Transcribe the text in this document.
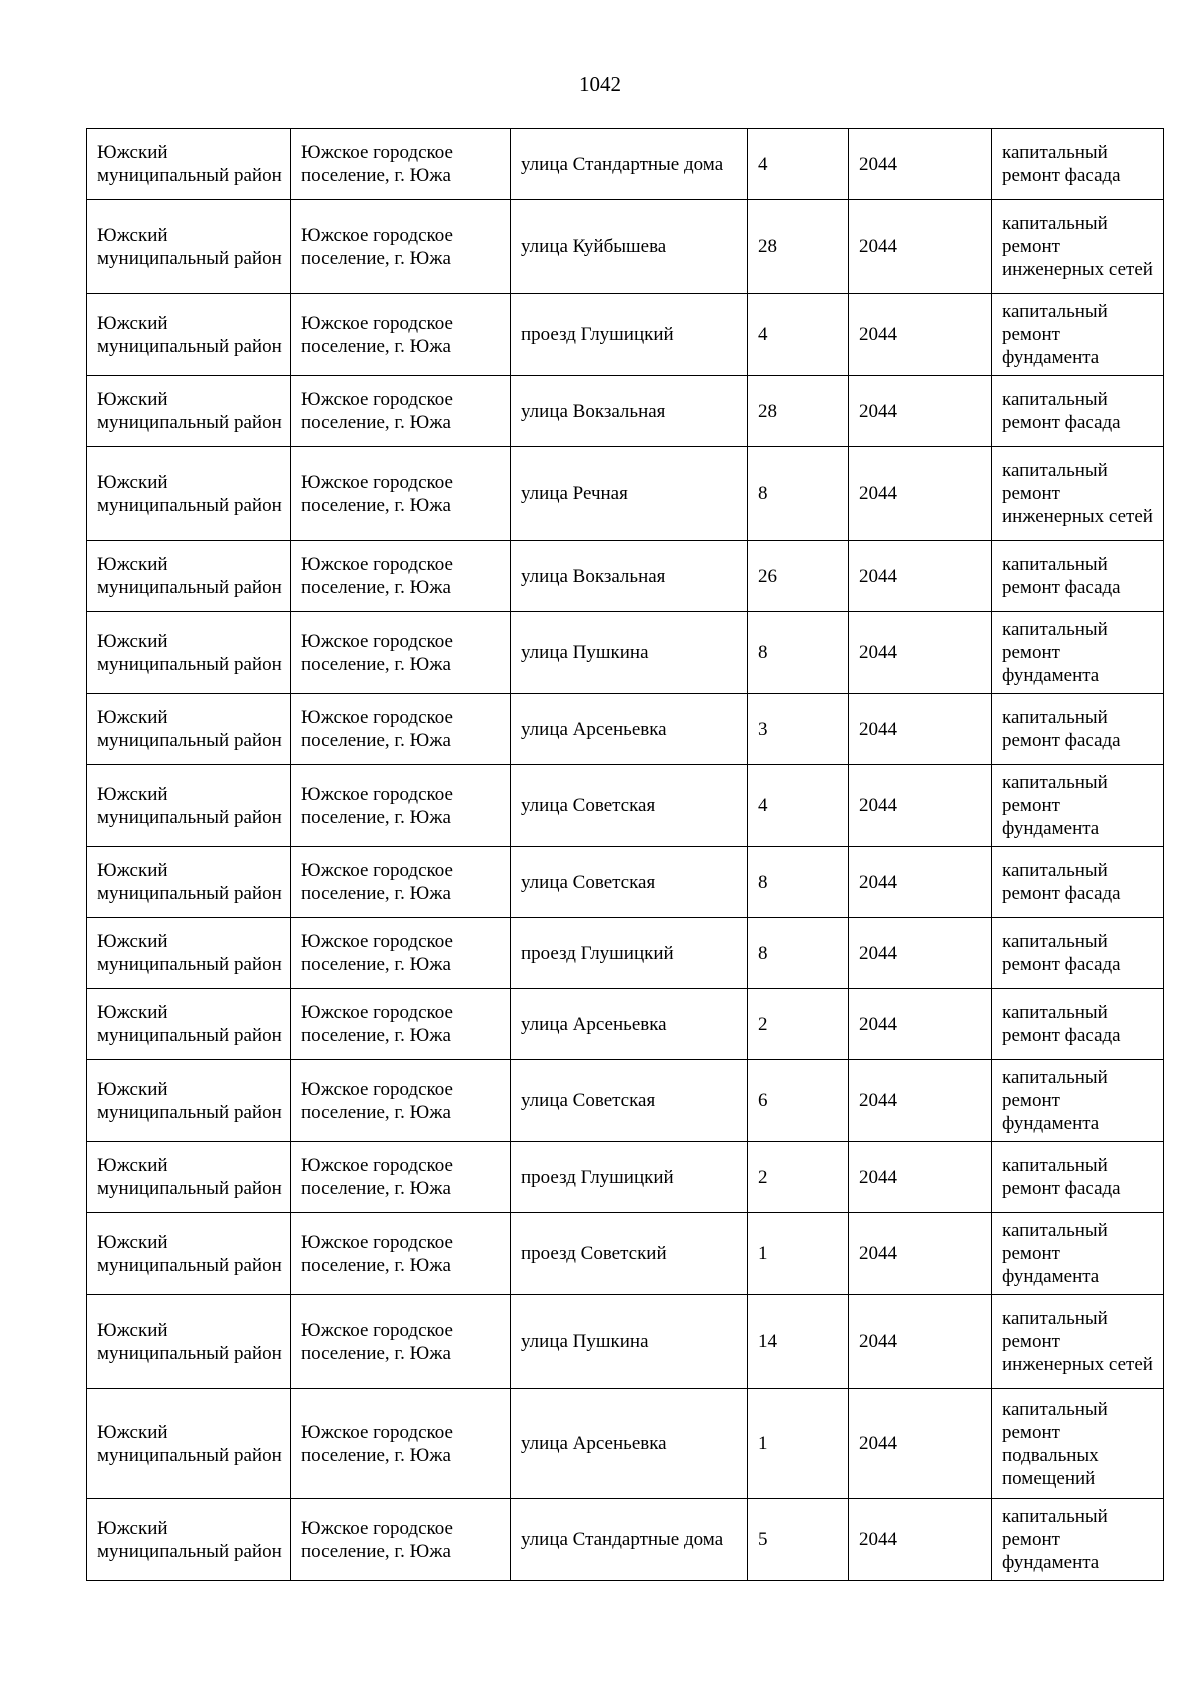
1042
Южский муниципальный район	Южское городское поселение, г. Южа	улица Стандартные дома	4	2044	капитальный ремонт фасада
Южский муниципальный район	Южское городское поселение, г. Южа	улица Куйбышева	28	2044	капитальный ремонт инженерных сетей
Южский муниципальный район	Южское городское поселение, г. Южа	проезд Глушицкий	4	2044	капитальный ремонт фундамента
Южский муниципальный район	Южское городское поселение, г. Южа	улица Вокзальная	28	2044	капитальный ремонт фасада
Южский муниципальный район	Южское городское поселение, г. Южа	улица Речная	8	2044	капитальный ремонт инженерных сетей
Южский муниципальный район	Южское городское поселение, г. Южа	улица Вокзальная	26	2044	капитальный ремонт фасада
Южский муниципальный район	Южское городское поселение, г. Южа	улица Пушкина	8	2044	капитальный ремонт фундамента
Южский муниципальный район	Южское городское поселение, г. Южа	улица Арсеньевка	3	2044	капитальный ремонт фасада
Южский муниципальный район	Южское городское поселение, г. Южа	улица Советская	4	2044	капитальный ремонт фундамента
Южский муниципальный район	Южское городское поселение, г. Южа	улица Советская	8	2044	капитальный ремонт фасада
Южский муниципальный район	Южское городское поселение, г. Южа	проезд Глушицкий	8	2044	капитальный ремонт фасада
Южский муниципальный район	Южское городское поселение, г. Южа	улица Арсеньевка	2	2044	капитальный ремонт фасада
Южский муниципальный район	Южское городское поселение, г. Южа	улица Советская	6	2044	капитальный ремонт фундамента
Южский муниципальный район	Южское городское поселение, г. Южа	проезд Глушицкий	2	2044	капитальный ремонт фасада
Южский муниципальный район	Южское городское поселение, г. Южа	проезд Советский	1	2044	капитальный ремонт фундамента
Южский муниципальный район	Южское городское поселение, г. Южа	улица Пушкина	14	2044	капитальный ремонт инженерных сетей
Южский муниципальный район	Южское городское поселение, г. Южа	улица Арсеньевка	1	2044	капитальный ремонт подвальных помещений
Южский муниципальный район	Южское городское поселение, г. Южа	улица Стандартные дома	5	2044	капитальный ремонт фундамента
